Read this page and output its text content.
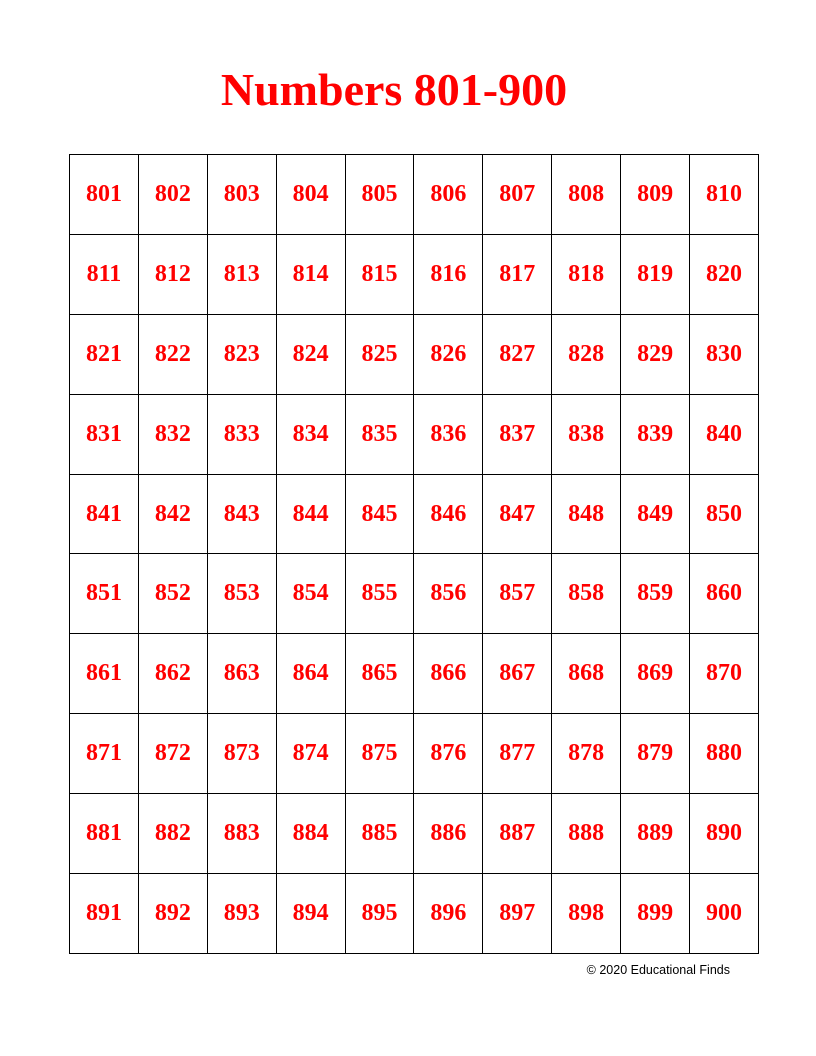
Numbers 801-900
801	802	803	804	805	806	807	808	809	810
811	812	813	814	815	816	817	818	819	820
821	822	823	824	825	826	827	828	829	830
831	832	833	834	835	836	837	838	839	840
841	842	843	844	845	846	847	848	849	850
851	852	853	854	855	856	857	858	859	860
861	862	863	864	865	866	867	868	869	870
871	872	873	874	875	876	877	878	879	880
881	882	883	884	885	886	887	888	889	890
891	892	893	894	895	896	897	898	899	900
© 2020 Educational Finds
